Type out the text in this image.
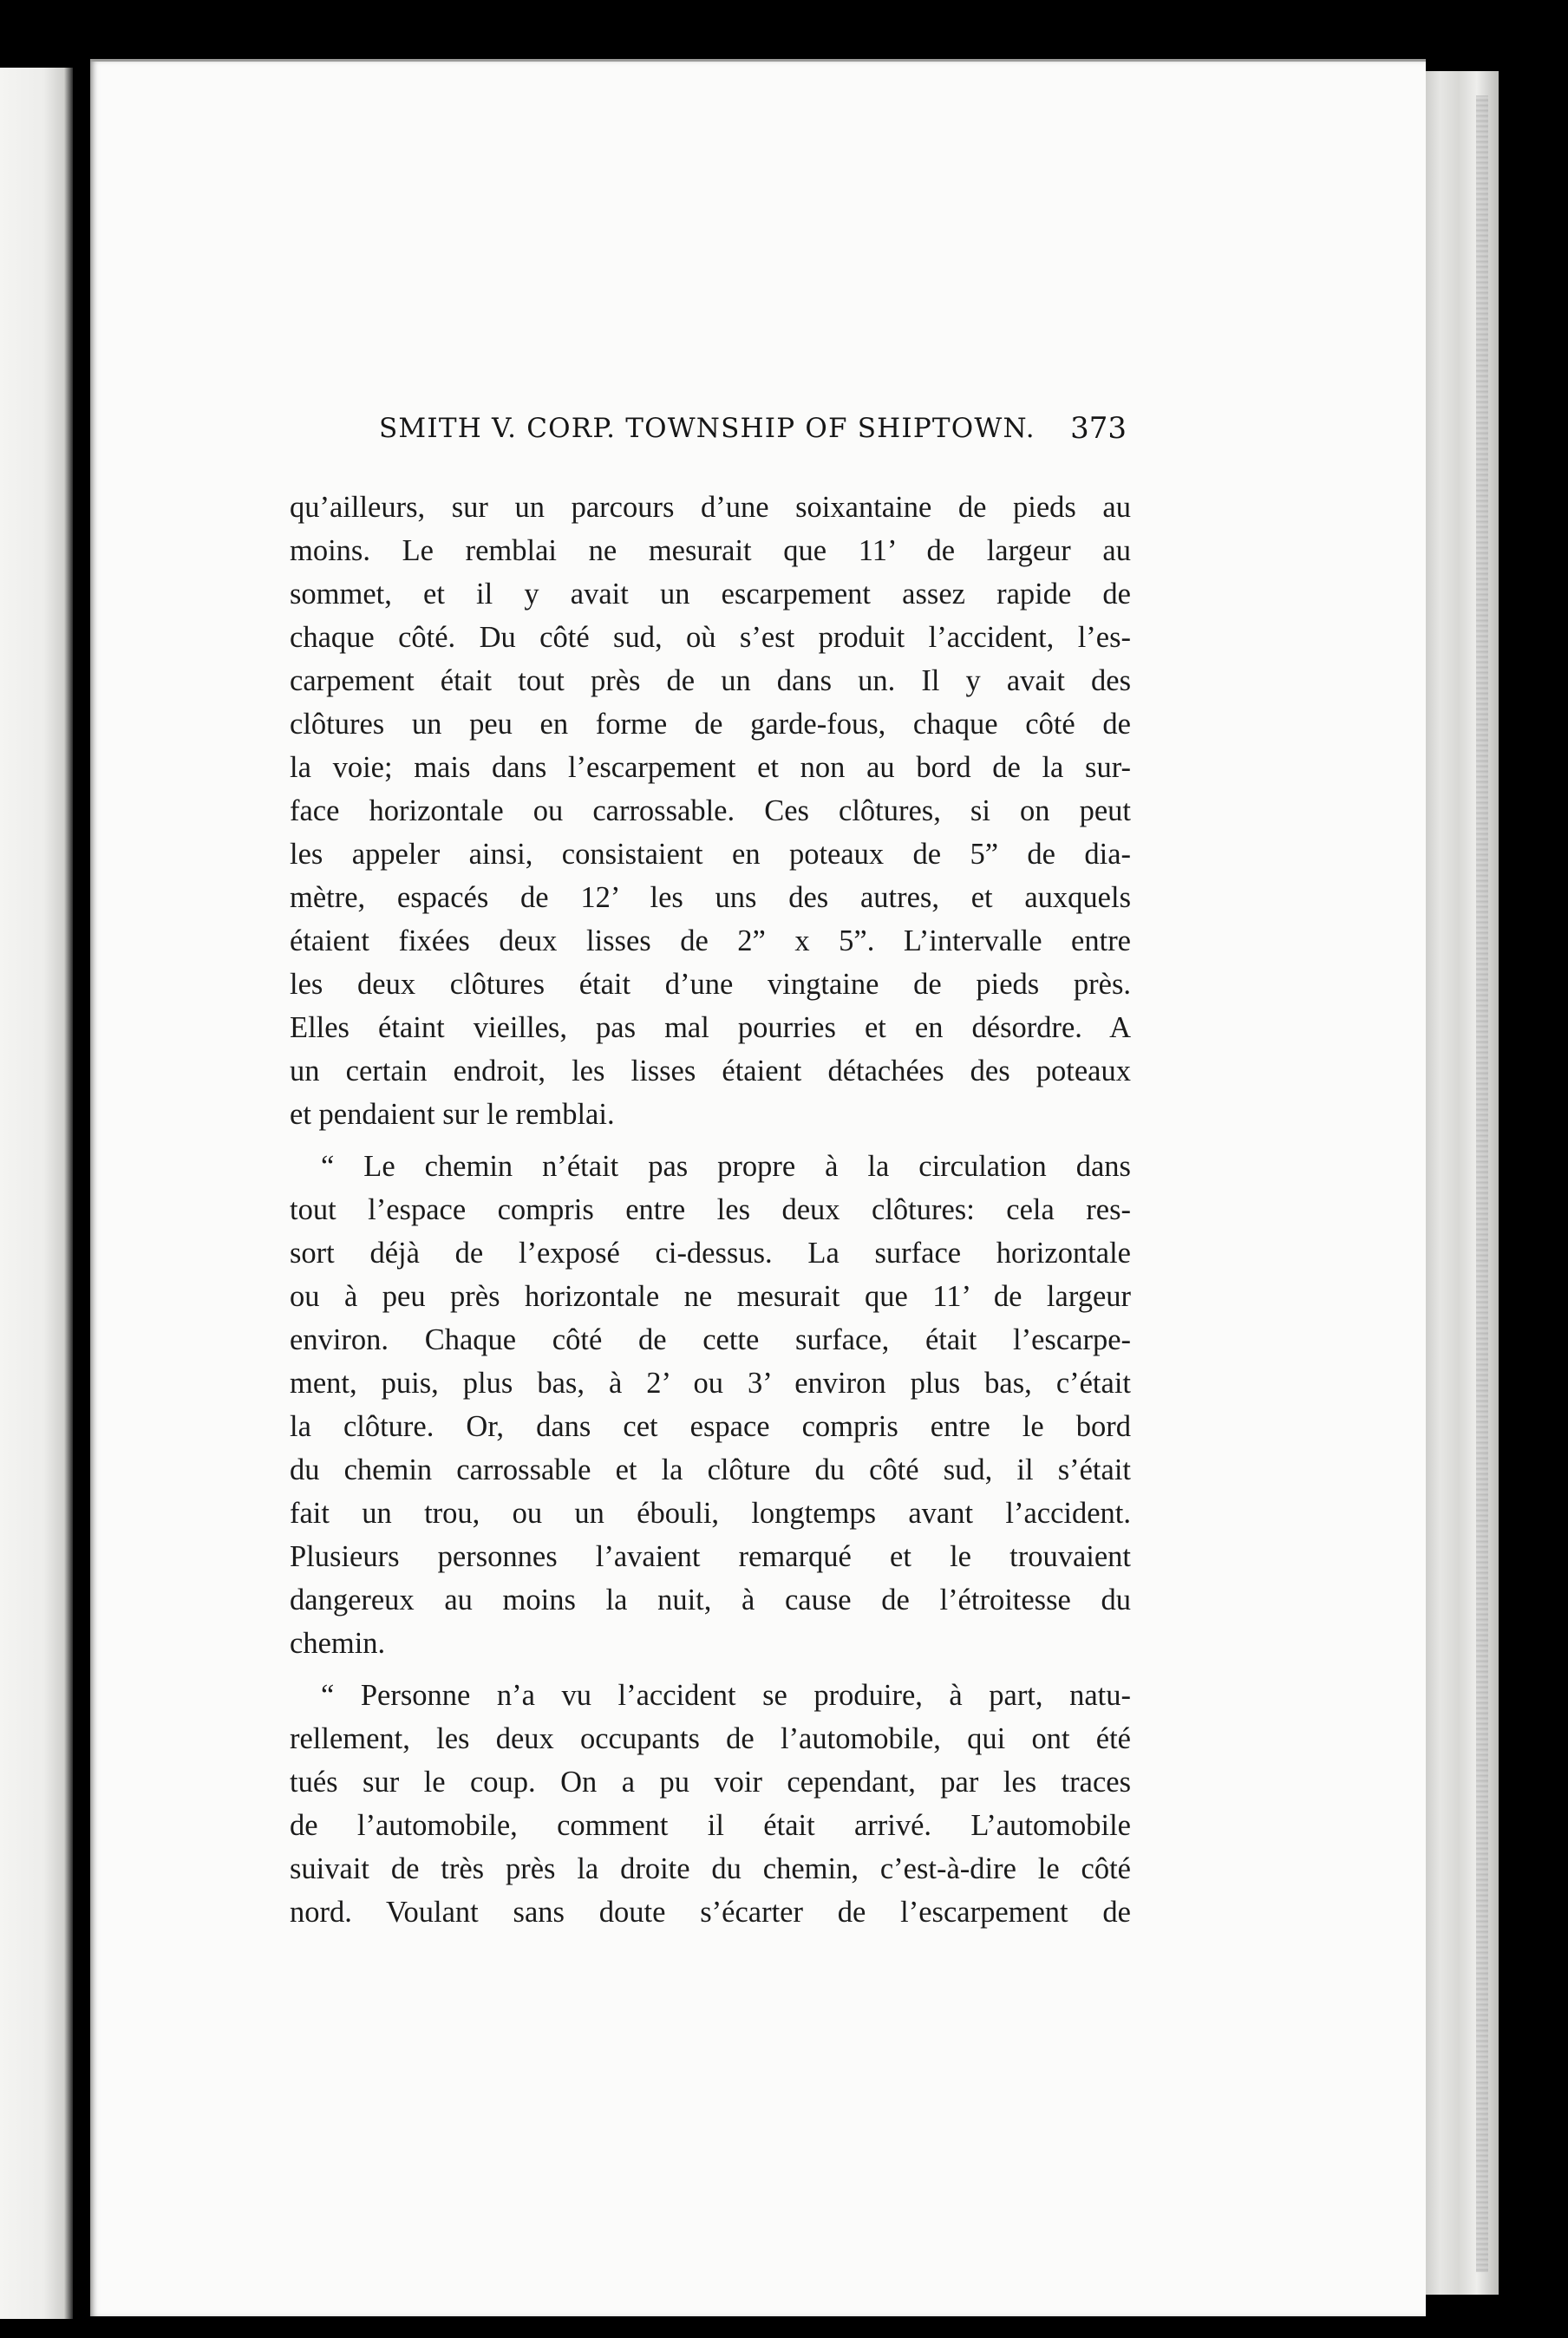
SMITH V. CORP. TOWNSHIP OF SHIPTOWN. 373
qu’ailleurs, sur un parcours d’une soixantaine de pieds au
moins. Le remblai ne mesurait que 11’ de largeur au
sommet, et il y avait un escarpement assez rapide de
chaque côté. Du côté sud, où s’est produit l’accident, l’es-
carpement était tout près de un dans un. Il y avait des
clôtures un peu en forme de garde-fous, chaque côté de
la voie; mais dans l’escarpement et non au bord de la sur-
face horizontale ou carrossable. Ces clôtures, si on peut
les appeler ainsi, consistaient en poteaux de 5” de dia-
mètre, espacés de 12’ les uns des autres, et auxquels
étaient fixées deux lisses de 2” x 5”. L’intervalle entre
les deux clôtures était d’une vingtaine de pieds près.
Elles étaint vieilles, pas mal pourries et en désordre. A
un certain endroit, les lisses étaient détachées des poteaux
et pendaient sur le remblai.
“ Le chemin n’était pas propre à la circulation dans
tout l’espace compris entre les deux clôtures: cela res-
sort déjà de l’exposé ci-dessus. La surface horizontale
ou à peu près horizontale ne mesurait que 11’ de largeur
environ. Chaque côté de cette surface, était l’escarpe-
ment, puis, plus bas, à 2’ ou 3’ environ plus bas, c’était
la clôture. Or, dans cet espace compris entre le bord
du chemin carrossable et la clôture du côté sud, il s’était
fait un trou, ou un ébouli, longtemps avant l’accident.
Plusieurs personnes l’avaient remarqué et le trouvaient
dangereux au moins la nuit, à cause de l’étroitesse du
chemin.
“ Personne n’a vu l’accident se produire, à part, natu-
rellement, les deux occupants de l’automobile, qui ont été
tués sur le coup. On a pu voir cependant, par les traces
de l’automobile, comment il était arrivé. L’automobile
suivait de très près la droite du chemin, c’est-à-dire le côté
nord. Voulant sans doute s’écarter de l’escarpement de
